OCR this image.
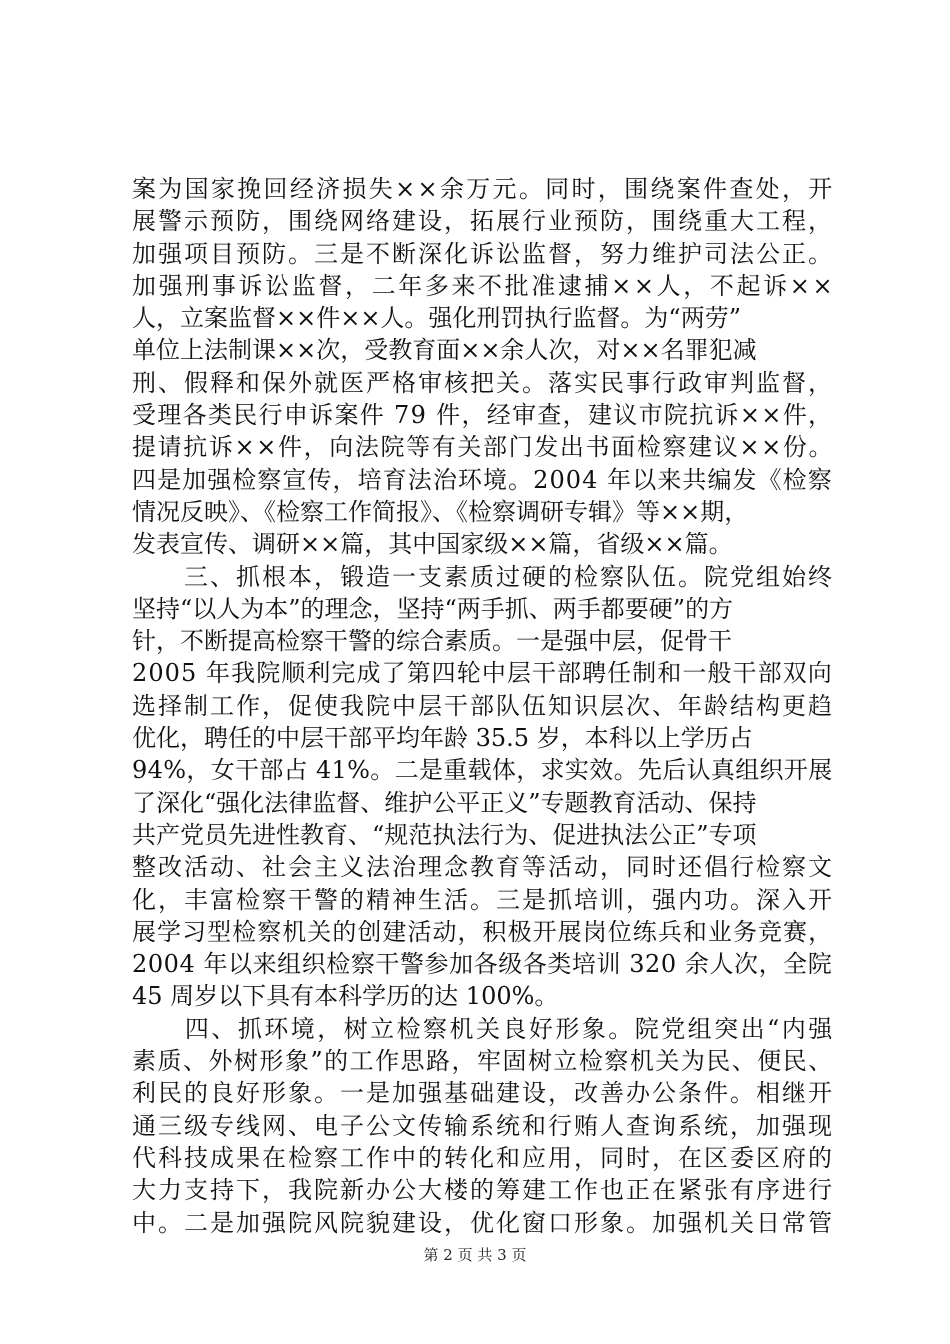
案为国家挽回经济损失××余万元。同时，围绕案件查处，开
展警示预防，围绕网络建设，拓展行业预防，围绕重大工程，
加强项目预防。三是不断深化诉讼监督，努力维护司法公正。
加强刑事诉讼监督，二年多来不批准逮捕××人，不起诉××
人，立案监督××件××人。强化刑罚执行监督。为“两劳”
单位上法制课××次，受教育面××余人次，对××名罪犯减
刑、假释和保外就医严格审核把关。落实民事行政审判监督，
受理各类民行申诉案件 79 件，经审查，建议市院抗诉××件，
提请抗诉××件，向法院等有关部门发出书面检察建议××份。
四是加强检察宣传，培育法治环境。2004 年以来共编发《检察
情况反映》、《检察工作简报》、《检察调研专辑》等××期，
发表宣传、调研××篇，其中国家级××篇，省级××篇。
　　三、抓根本，锻造一支素质过硬的检察队伍。院党组始终
坚持“以人为本”的理念，坚持“两手抓、两手都要硬”的方
针，不断提高检察干警的综合素质。一是强中层，促骨干
2005 年我院顺利完成了第四轮中层干部聘任制和一般干部双向
选择制工作，促使我院中层干部队伍知识层次、年龄结构更趋
优化，聘任的中层干部平均年龄 35.5 岁，本科以上学历占
94%，女干部占 41%。二是重载体，求实效。先后认真组织开展
了深化“强化法律监督、维护公平正义”专题教育活动、保持
共产党员先进性教育、“规范执法行为、促进执法公正”专项
整改活动、社会主义法治理念教育等活动，同时还倡行检察文
化，丰富检察干警的精神生活。三是抓培训，强内功。深入开
展学习型检察机关的创建活动，积极开展岗位练兵和业务竞赛，
2004 年以来组织检察干警参加各级各类培训 320 余人次，全院
45 周岁以下具有本科学历的达 100%。
　　四、抓环境，树立检察机关良好形象。院党组突出“内强
素质、外树形象”的工作思路，牢固树立检察机关为民、便民、
利民的良好形象。一是加强基础建设，改善办公条件。相继开
通三级专线网、电子公文传输系统和行贿人查询系统，加强现
代科技成果在检察工作中的转化和应用，同时，在区委区府的
大力支持下，我院新办公大楼的筹建工作也正在紧张有序进行
中。二是加强院风院貌建设，优化窗口形象。加强机关日常管
第 2 页 共 3 页
